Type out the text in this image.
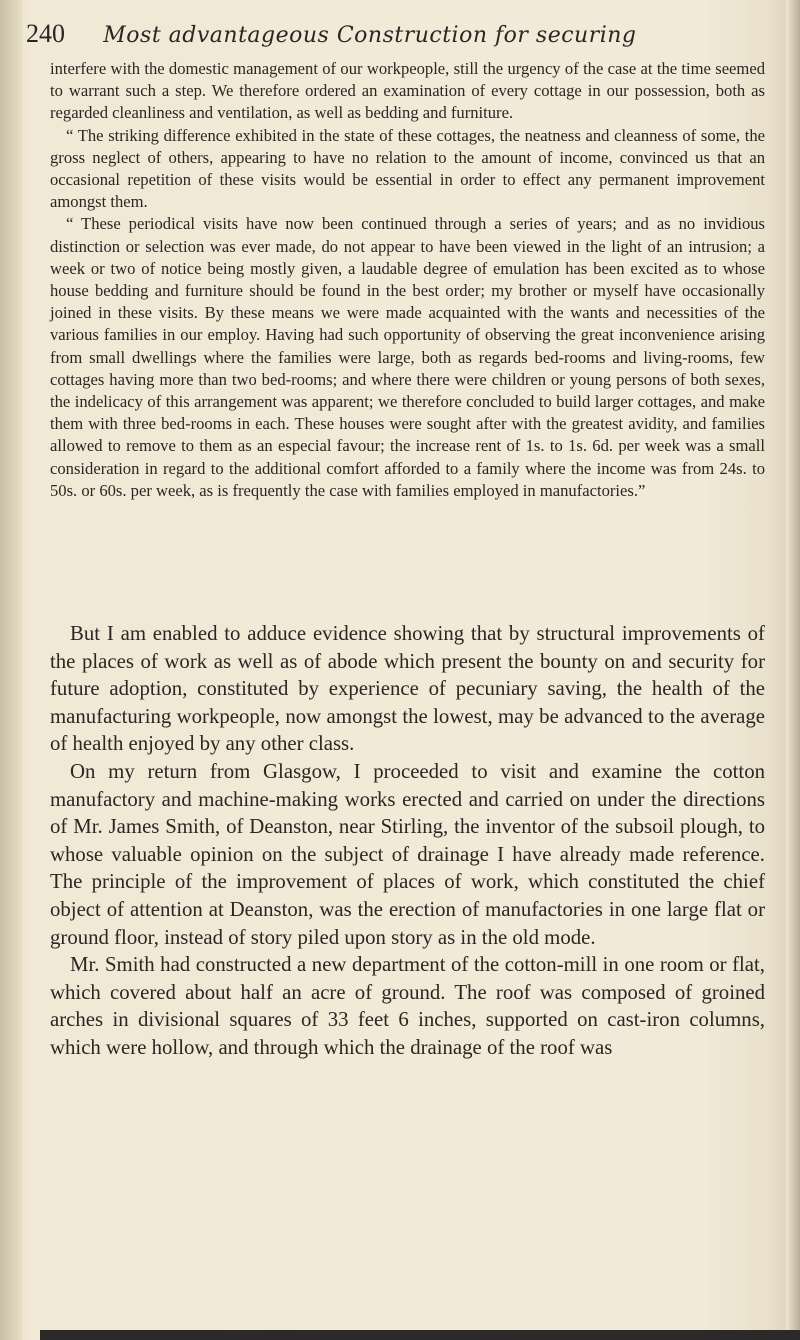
240 Most advantageous Construction for securing

interfere with the domestic management of our workpeople, still the urgency of the case at the time seemed to warrant such a step. We therefore ordered an examination of every cottage in our possession, both as regarded cleanliness and ventilation, as well as bedding and furniture.

“ The striking difference exhibited in the state of these cottages, the neatness and cleanness of some, the gross neglect of others, appearing to have no relation to the amount of income, convinced us that an occasional repetition of these visits would be essential in order to effect any permanent improvement amongst them.

“ These periodical visits have now been continued through a series of years; and as no invidious distinction or selection was ever made, do not appear to have been viewed in the light of an intrusion; a week or two of notice being mostly given, a laudable degree of emulation has been excited as to whose house bedding and furniture should be found in the best order; my brother or myself have occasionally joined in these visits. By these means we were made acquainted with the wants and necessities of the various families in our employ. Having had such opportunity of observing the great inconvenience arising from small dwellings where the families were large, both as regards bed-rooms and living-rooms, few cottages having more than two bed-rooms; and where there were children or young persons of both sexes, the indelicacy of this arrangement was apparent; we therefore concluded to build larger cottages, and make them with three bed-rooms in each. These houses were sought after with the greatest avidity, and families allowed to remove to them as an especial favour; the increase rent of 1s. to 1s. 6d. per week was a small consideration in regard to the additional comfort afforded to a family where the income was from 24s. to 50s. or 60s. per week, as is frequently the case with families employed in manufactories.”

But I am enabled to adduce evidence showing that by structural improvements of the places of work as well as of abode which present the bounty on and security for future adoption, constituted by experience of pecuniary saving, the health of the manufacturing workpeople, now amongst the lowest, may be advanced to the average of health enjoyed by any other class.

On my return from Glasgow, I proceeded to visit and examine the cotton manufactory and machine-making works erected and carried on under the directions of Mr. James Smith, of Deanston, near Stirling, the inventor of the subsoil plough, to whose valuable opinion on the subject of drainage I have already made reference. The principle of the improvement of places of work, which constituted the chief object of attention at Deanston, was the erection of manufactories in one large flat or ground floor, instead of story piled upon story as in the old mode.

Mr. Smith had constructed a new department of the cotton-mill in one room or flat, which covered about half an acre of ground. The roof was composed of groined arches in divisional squares of 33 feet 6 inches, supported on cast-iron columns, which were hollow, and through which the drainage of the roof was
